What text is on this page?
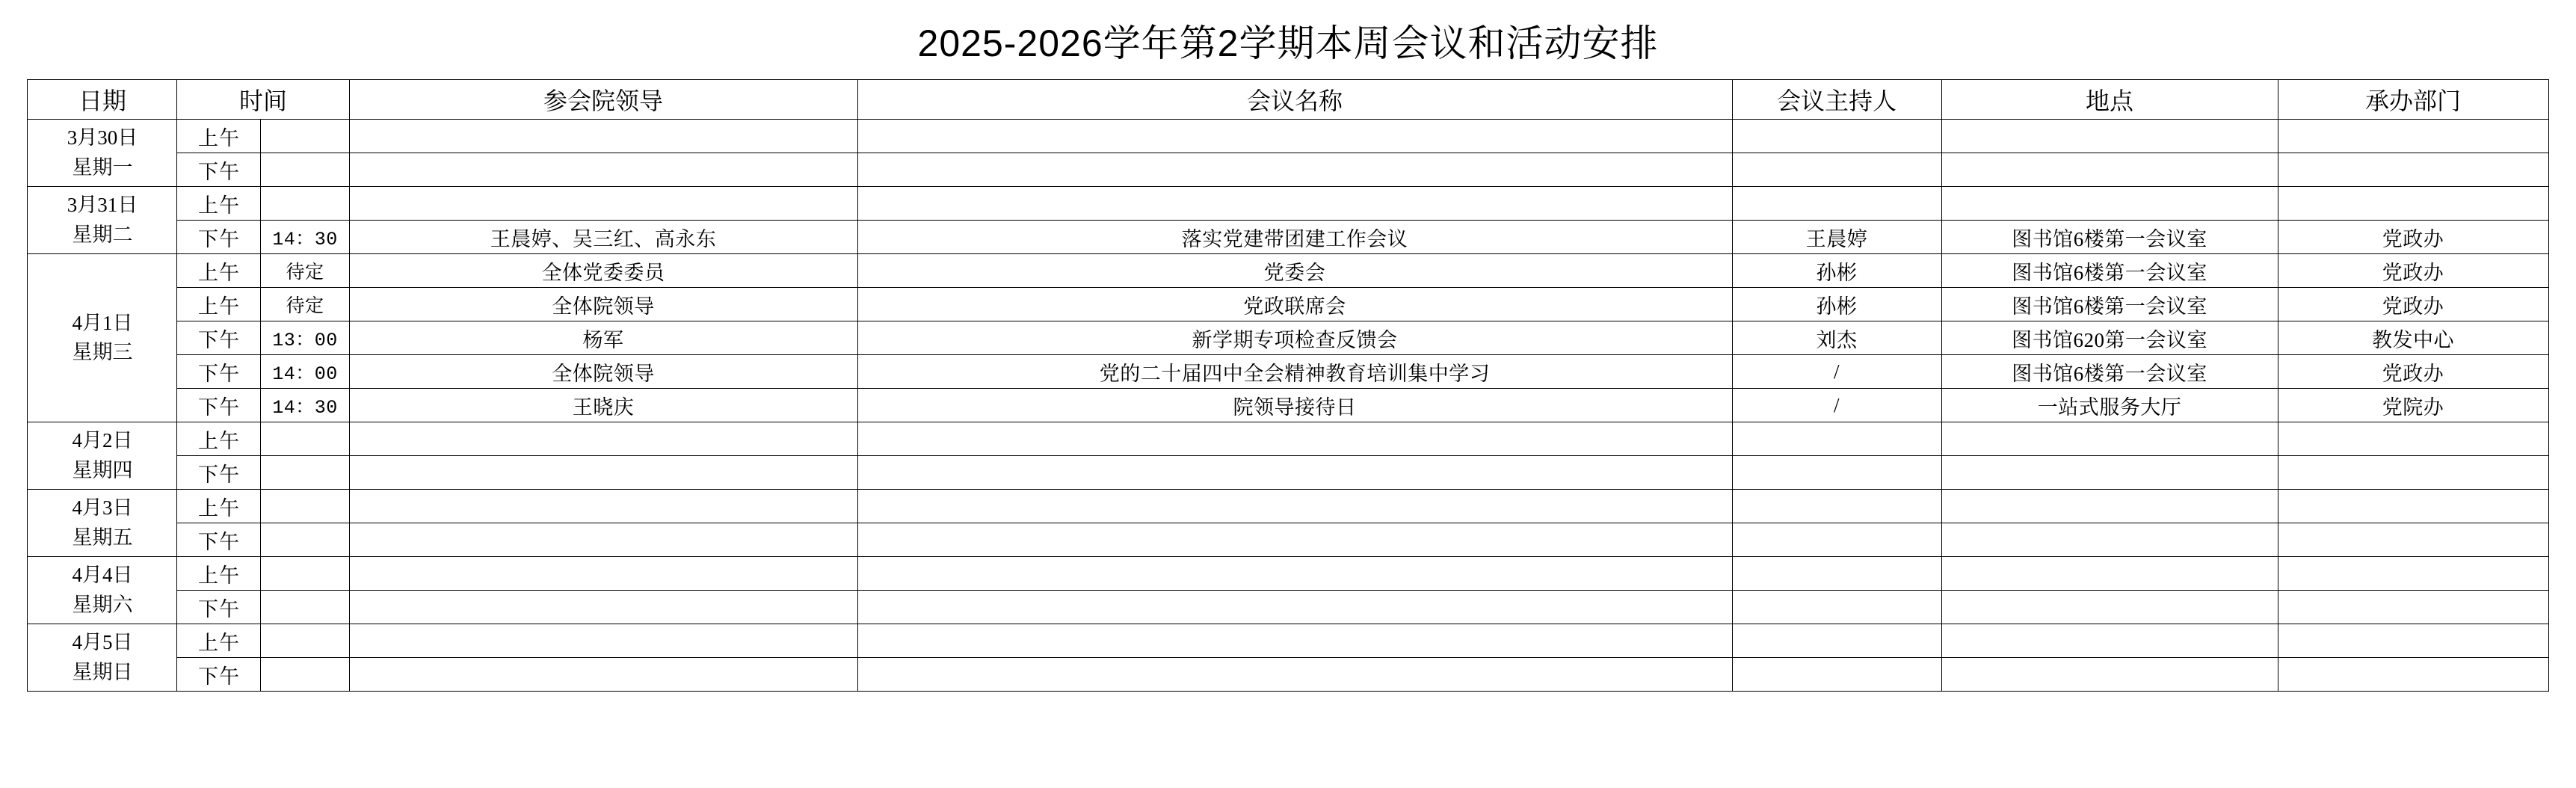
2025-2026学年第2学期本周会议和活动安排
日期	时间		参会院领导	会议名称	会议主持人	地点	承办部门

3月30日
星期一	上午						
	下午						

3月31日
星期二	上午						
	下午	14：30	王晨婷、吴三红、高永东	落实党建带团建工作会议	王晨婷	图书馆6楼第一会议室	党政办

4月1日
星期三	上午	待定	全体党委委员	党委会	孙彬	图书馆6楼第一会议室	党政办
	上午	待定	全体院领导	党政联席会	孙彬	图书馆6楼第一会议室	党政办
	下午	13：00	杨军	新学期专项检查反馈会	刘杰	图书馆620第一会议室	教发中心
	下午	14：00	全体院领导	党的二十届四中全会精神教育培训集中学习	/	图书馆6楼第一会议室	党政办
	下午	14：30	王晓庆	院领导接待日	/	一站式服务大厅	党院办

4月2日
星期四	上午						
	下午						

4月3日
星期五	上午						
	下午						

4月4日
星期六	上午						
	下午						

4月5日
星期日	上午						
	下午						
